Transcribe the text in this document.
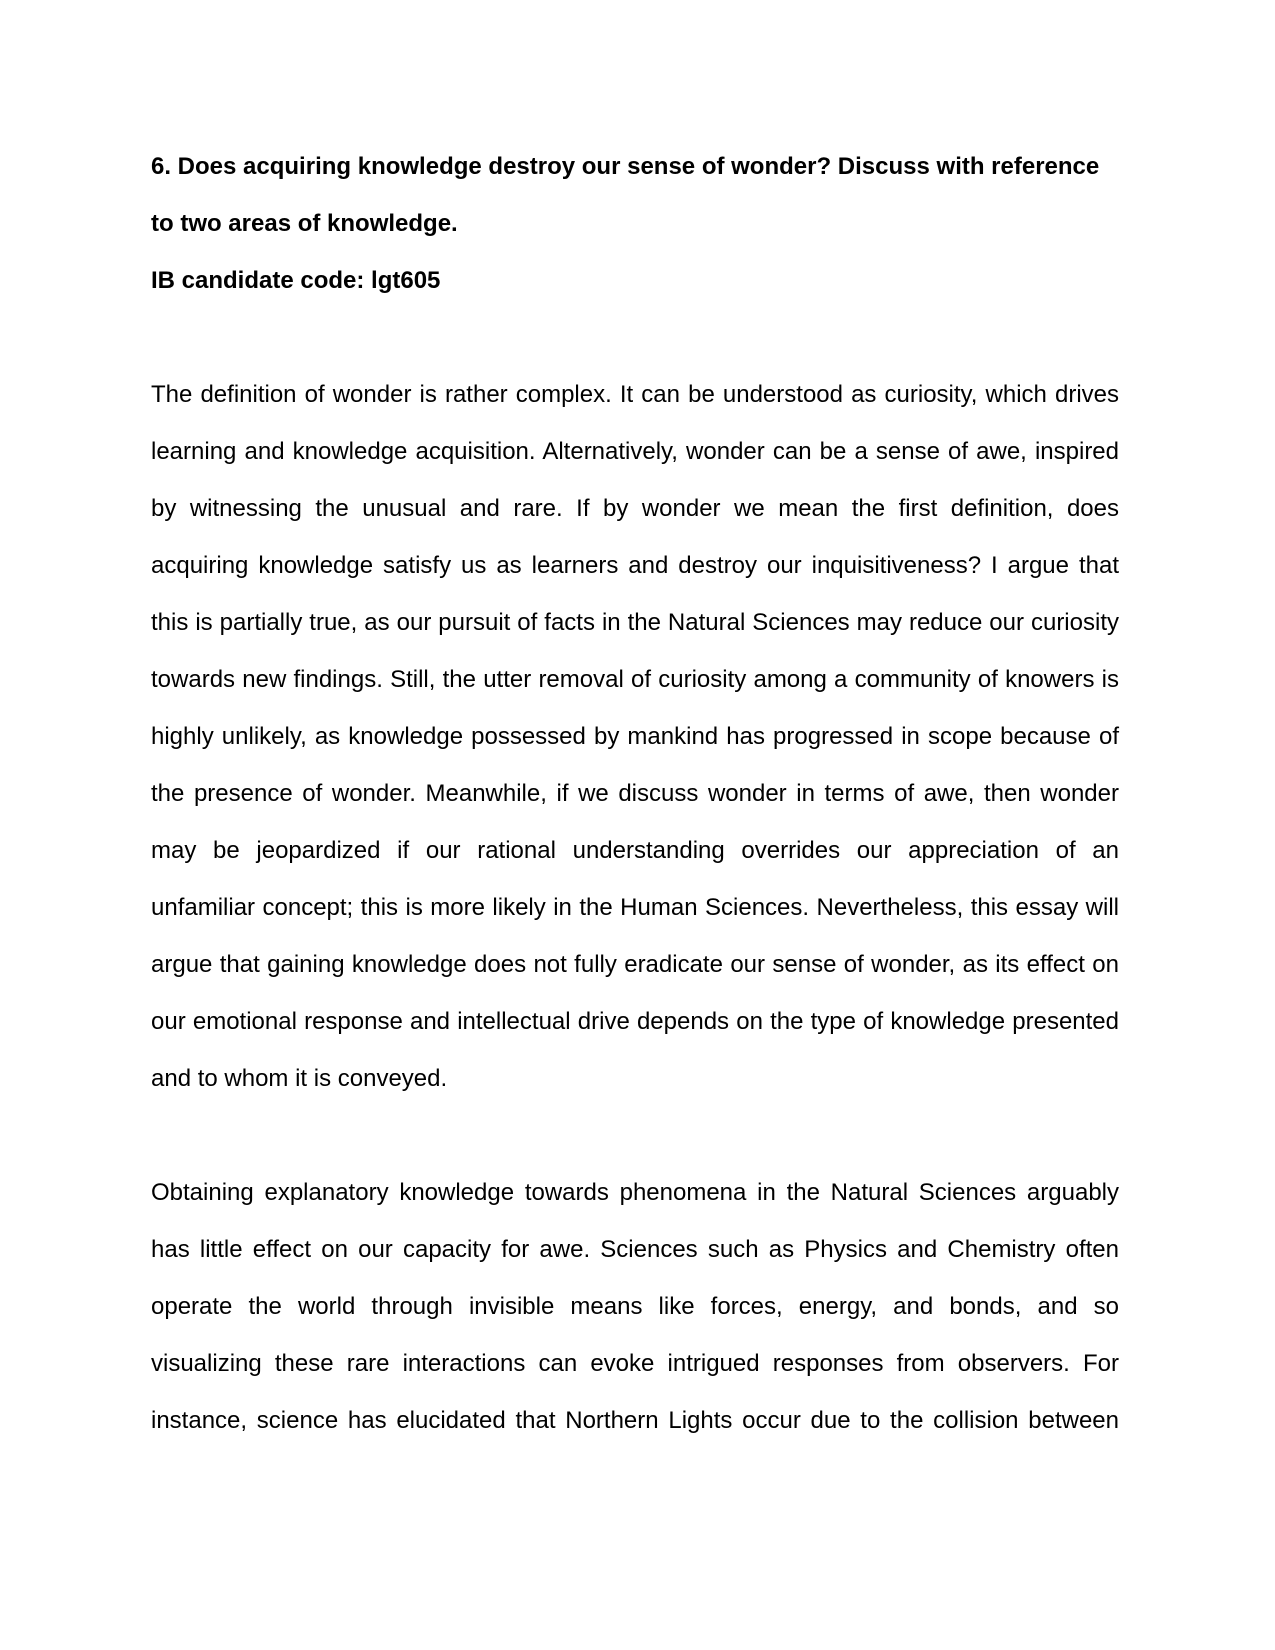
6. Does acquiring knowledge destroy our sense of wonder? Discuss with reference to two areas of knowledge.

IB candidate code: lgt605

The definition of wonder is rather complex. It can be understood as curiosity, which drives learning and knowledge acquisition. Alternatively, wonder can be a sense of awe, inspired by witnessing the unusual and rare. If by wonder we mean the first definition, does acquiring knowledge satisfy us as learners and destroy our inquisitiveness? I argue that this is partially true, as our pursuit of facts in the Natural Sciences may reduce our curiosity towards new findings. Still, the utter removal of curiosity among a community of knowers is highly unlikely, as knowledge possessed by mankind has progressed in scope because of the presence of wonder. Meanwhile, if we discuss wonder in terms of awe, then wonder may be jeopardized if our rational understanding overrides our appreciation of an unfamiliar concept; this is more likely in the Human Sciences. Nevertheless, this essay will argue that gaining knowledge does not fully eradicate our sense of wonder, as its effect on our emotional response and intellectual drive depends on the type of knowledge presented and to whom it is conveyed.

Obtaining explanatory knowledge towards phenomena in the Natural Sciences arguably has little effect on our capacity for awe. Sciences such as Physics and Chemistry often operate the world through invisible means like forces, energy, and bonds, and so visualizing these rare interactions can evoke intrigued responses from observers. For instance, science has elucidated that Northern Lights occur due to the collision between
